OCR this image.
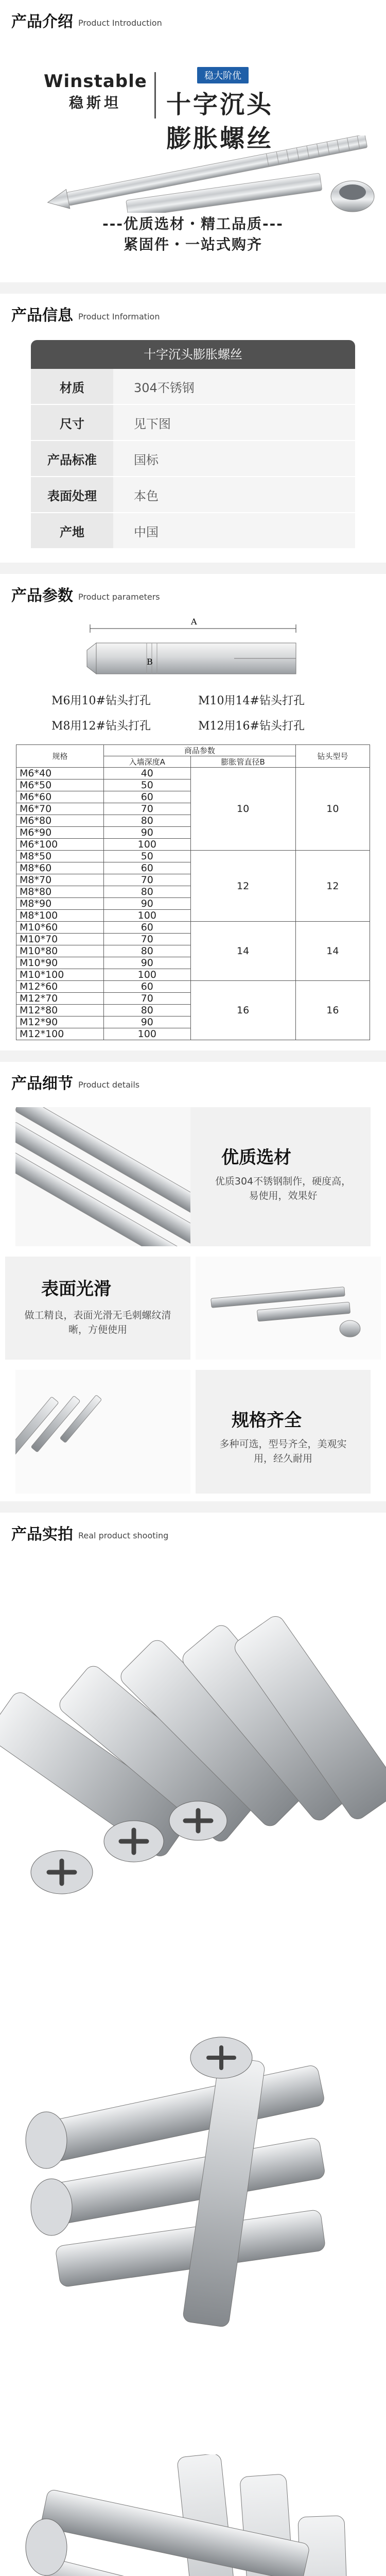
产品介绍 Product Introduction
Winstable
稳斯坦
稳大阶优
十字沉头
膨胀螺丝
---优质选材・精工品质---
紧固件・一站式购齐
产品信息 Product Information
十字沉头膨胀螺丝
材质	304不锈钢
尺寸	见下图
产品标准	国标
表面处理	本色
产地	中国
产品参数 Product parameters
A
B
M6用10#钻头打孔	M10用14#钻头打孔
M8用12#钻头打孔	M12用16#钻头打孔
规格	商品参数		钻头型号
	入墙深度A	膨胀管直径B	
M6*40	40	10	10
M6*50	50		
M6*60	60		
M6*70	70		
M6*80	80		
M6*90	90		
M6*100	100		
M8*50	50	12	12
M8*60	60		
M8*70	70		
M8*80	80		
M8*90	90		
M8*100	100		
M10*60	60	14	14
M10*70	70		
M10*80	80		
M10*90	90		
M10*100	100		
M12*60	60	16	16
M12*70	70		
M12*80	80		
M12*90	90		
M12*100	100		
产品细节 Product details
优质选材
优质304不锈钢制作，硬度高，易使用，效果好
表面光滑
做工精良，表面光滑无毛刺螺纹清晰，方便使用
规格齐全
多种可选，型号齐全，美观实用，经久耐用
产品实拍 Real product shooting
